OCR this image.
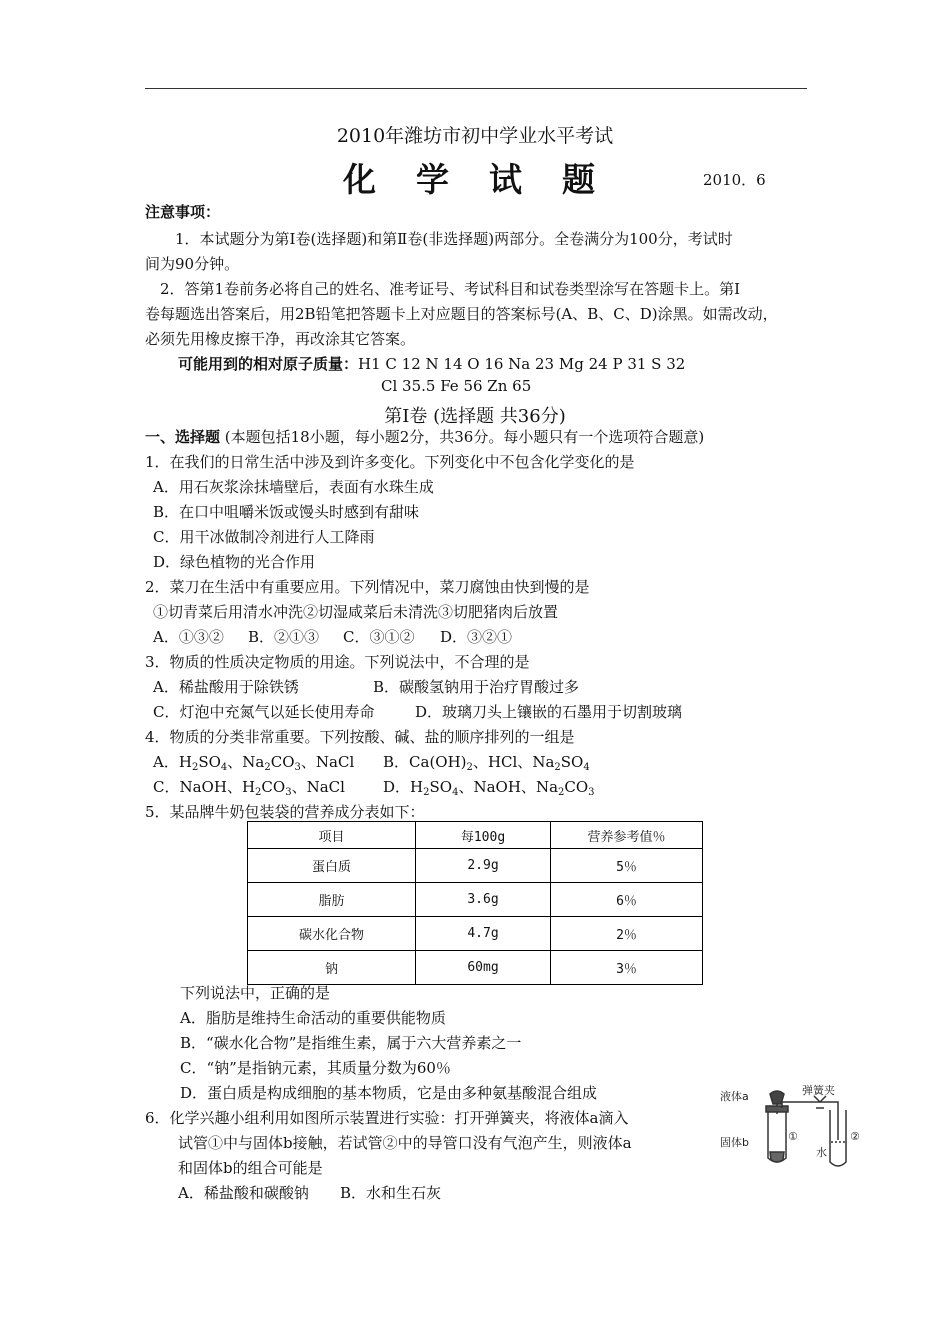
2010年潍坊市初中学业水平考试
化学试题	2010．6
注意事项：
1．本试题分为第Ⅰ卷(选择题)和第Ⅱ卷(非选择题)两部分。全卷满分为100分，考试时
间为90分钟。
2．答第1卷前务必将自己的姓名、准考证号、考试科目和试卷类型涂写在答题卡上。第Ⅰ
卷每题选出答案后，用2B铅笔把答题卡上对应题目的答案标号(A、B、C、D)涂黑。如需改动，
必须先用橡皮擦干净，再改涂其它答案。
可能用到的相对原子质量：H1 C 12 N 14 O 16 Na 23 Mg 24 P 31 S 32
Cl 35.5 Fe 56 Zn 65
第Ⅰ卷 (选择题 共36分)
一、选择题 (本题包括18小题，每小题2分，共36分。每小题只有一个选项符合题意)
1．在我们的日常生活中涉及到许多变化。下列变化中不包含化学变化的是
A．用石灰浆涂抹墙壁后，表面有水珠生成
B．在口中咀嚼米饭或馒头时感到有甜味
C．用干冰做制冷剂进行人工降雨
D．绿色植物的光合作用
2．菜刀在生活中有重要应用。下列情况中，菜刀腐蚀由快到慢的是
①切青菜后用清水冲洗②切湿咸菜后未清洗③切肥猪肉后放置
A．①③② B．②①③ C．③①② D．③②①
3．物质的性质决定物质的用途。下列说法中，不合理的是
A．稀盐酸用于除铁锈	B．碳酸氢钠用于治疗胃酸过多
C．灯泡中充氮气以延长使用寿命	D．玻璃刀头上镶嵌的石墨用于切割玻璃
4．物质的分类非常重要。下列按酸、碱、盐的顺序排列的一组是
A．$H_2SO_4$、$Na_2CO_3$、NaCl B．$Ca(OH)_2$、HCl、$Na_2SO_4$
C．NaOH、$H_2CO_3$、NaCl	D．$H_2SO_4$、NaOH、$Na_2CO_3$
5．某品牌牛奶包装袋的营养成分表如下：
项目	每100g	营养参考值％
蛋白质	2.9g	5％
脂肪	3.6g	6％
碳水化合物	4.7g	2％
钠	60mg	3％
下列说法中，正确的是
A．脂肪是维持生命活动的重要供能物质
B．“碳水化合物”是指维生素，属于六大营养素之一
C．“钠”是指钠元素，其质量分数为60％
D．蛋白质是构成细胞的基本物质，它是由多种氨基酸混合组成
6．化学兴趣小组利用如图所示装置进行实验：打开弹簧夹，将液体a滴入
试管①中与固体b接触，若试管②中的导管口没有气泡产生，则液体a
和固体b的组合可能是
A．稀盐酸和碳酸钠 B．水和生石灰
液体a	弹簧夹
固体b	①	②
水
